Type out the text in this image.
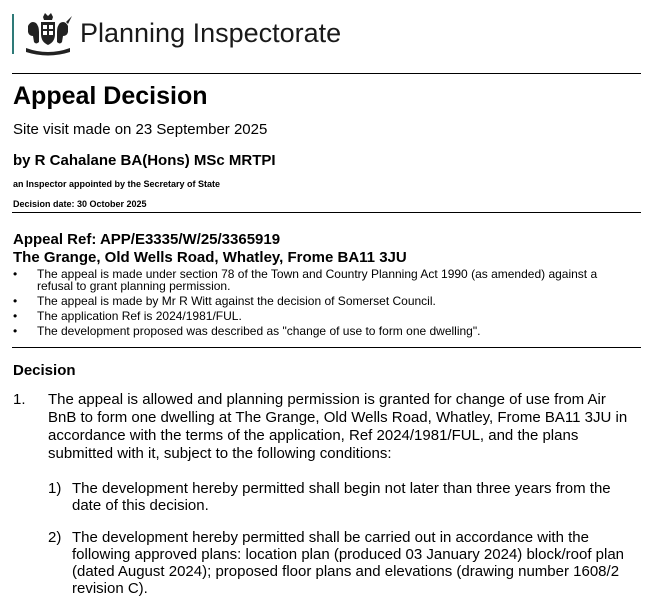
Planning Inspectorate
Appeal Decision
Site visit made on 23 September 2025
by R Cahalane BA(Hons) MSc MRTPI
an Inspector appointed by the Secretary of State
Decision date: 30 October 2025
Appeal Ref: APP/E3335/W/25/3365919
The Grange, Old Wells Road, Whatley, Frome BA11 3JU
• The appeal is made under section 78 of the Town and Country Planning Act 1990 (as amended) against a refusal to grant planning permission.
• The appeal is made by Mr R Witt against the decision of Somerset Council.
• The application Ref is 2024/1981/FUL.
• The development proposed was described as "change of use to form one dwelling".
Decision
1. The appeal is allowed and planning permission is granted for change of use from Air BnB to form one dwelling at The Grange, Old Wells Road, Whatley, Frome BA11 3JU in accordance with the terms of the application, Ref 2024/1981/FUL, and the plans submitted with it, subject to the following conditions:
1) The development hereby permitted shall begin not later than three years from the date of this decision.
2) The development hereby permitted shall be carried out in accordance with the following approved plans: location plan (produced 03 January 2024) block/roof plan (dated August 2024); proposed floor plans and elevations (drawing number 1608/2 revision C).
